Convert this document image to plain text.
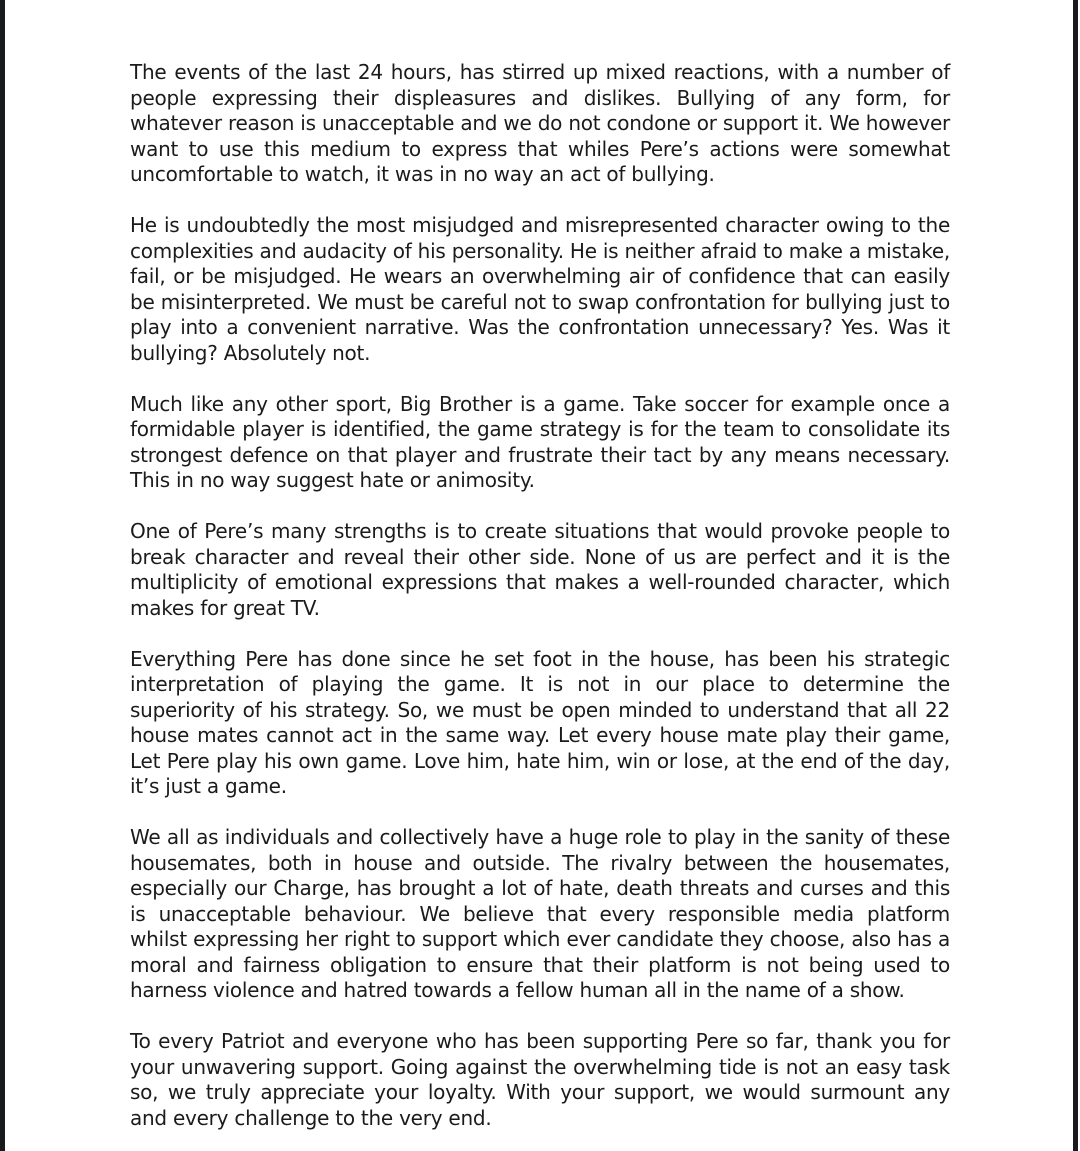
The events of the last 24 hours, has stirred up mixed reactions, with a number of people expressing their displeasures and dislikes. Bullying of any form, for whatever reason is unacceptable and we do not condone or support it. We however want to use this medium to express that whiles Pere’s actions were somewhat uncomfortable to watch, it was in no way an act of bullying.

He is undoubtedly the most misjudged and misrepresented character owing to the complexities and audacity of his personality. He is neither afraid to make a mistake, fail, or be misjudged. He wears an overwhelming air of confidence that can easily be misinterpreted. We must be careful not to swap confrontation for bullying just to play into a convenient narrative. Was the confrontation unnecessary? Yes. Was it bullying? Absolutely not.

Much like any other sport, Big Brother is a game. Take soccer for example once a formidable player is identified, the game strategy is for the team to consolidate its strongest defence on that player and frustrate their tact by any means necessary. This in no way suggest hate or animosity.

One of Pere’s many strengths is to create situations that would provoke people to break character and reveal their other side. None of us are perfect and it is the multiplicity of emotional expressions that makes a well-rounded character, which makes for great TV.

Everything Pere has done since he set foot in the house, has been his strategic interpretation of playing the game. It is not in our place to determine the superiority of his strategy. So, we must be open minded to understand that all 22 house mates cannot act in the same way. Let every house mate play their game, Let Pere play his own game. Love him, hate him, win or lose, at the end of the day, it’s just a game.

We all as individuals and collectively have a huge role to play in the sanity of these housemates, both in house and outside. The rivalry between the housemates, especially our Charge, has brought a lot of hate, death threats and curses and this is unacceptable behaviour. We believe that every responsible media platform whilst expressing her right to support which ever candidate they choose, also has a moral and fairness obligation to ensure that their platform is not being used to harness violence and hatred towards a fellow human all in the name of a show.

To every Patriot and everyone who has been supporting Pere so far, thank you for your unwavering support. Going against the overwhelming tide is not an easy task so, we truly appreciate your loyalty. With your support, we would surmount any and every challenge to the very end.
